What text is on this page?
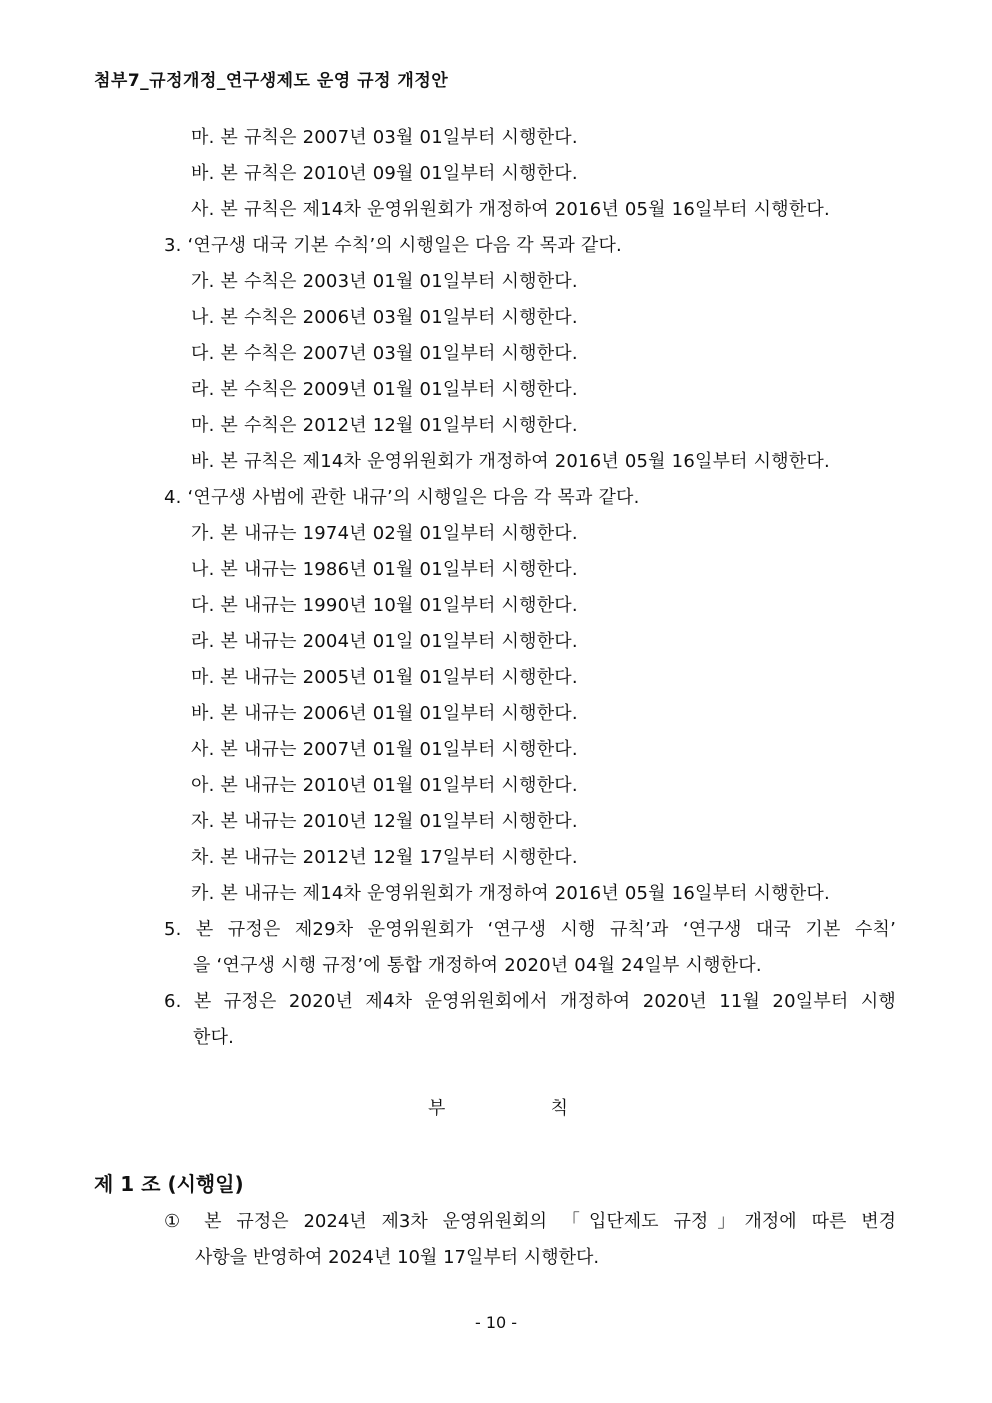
첨부7_규정개정_연구생제도 운영 규정 개정안
마. 본 규칙은 2007년 03월 01일부터 시행한다.
바. 본 규칙은 2010년 09월 01일부터 시행한다.
사. 본 규칙은 제14차 운영위원회가 개정하여 2016년 05월 16일부터 시행한다.
3. ‘연구생 대국 기본 수칙’의 시행일은 다음 각 목과 같다.
가. 본 수칙은 2003년 01월 01일부터 시행한다.
나. 본 수칙은 2006년 03월 01일부터 시행한다.
다. 본 수칙은 2007년 03월 01일부터 시행한다.
라. 본 수칙은 2009년 01월 01일부터 시행한다.
마. 본 수칙은 2012년 12월 01일부터 시행한다.
바. 본 규칙은 제14차 운영위원회가 개정하여 2016년 05월 16일부터 시행한다.
4. ‘연구생 사범에 관한 내규’의 시행일은 다음 각 목과 같다.
가. 본 내규는 1974년 02월 01일부터 시행한다.
나. 본 내규는 1986년 01월 01일부터 시행한다.
다. 본 내규는 1990년 10월 01일부터 시행한다.
라. 본 내규는 2004년 01일 01일부터 시행한다.
마. 본 내규는 2005년 01월 01일부터 시행한다.
바. 본 내규는 2006년 01월 01일부터 시행한다.
사. 본 내규는 2007년 01월 01일부터 시행한다.
아. 본 내규는 2010년 01월 01일부터 시행한다.
자. 본 내규는 2010년 12월 01일부터 시행한다.
차. 본 내규는 2012년 12월 17일부터 시행한다.
카. 본 내규는 제14차 운영위원회가 개정하여 2016년 05월 16일부터 시행한다.
5. 본 규정은 제29차 운영위원회가 ‘연구생 시행 규칙’과 ‘연구생 대국 기본 수칙’
을 ‘연구생 시행 규정’에 통합 개정하여 2020년 04월 24일부 시행한다.
6. 본 규정은 2020년 제4차 운영위원회에서 개정하여 2020년 11월 20일부터 시행
한다.
부	칙
제 1 조 (시행일)
① 본 규정은 2024년 제3차 운영위원회의 「입단제도 규정」개정에 따른 변경
사항을 반영하여 2024년 10월 17일부터 시행한다.
- 10 -
